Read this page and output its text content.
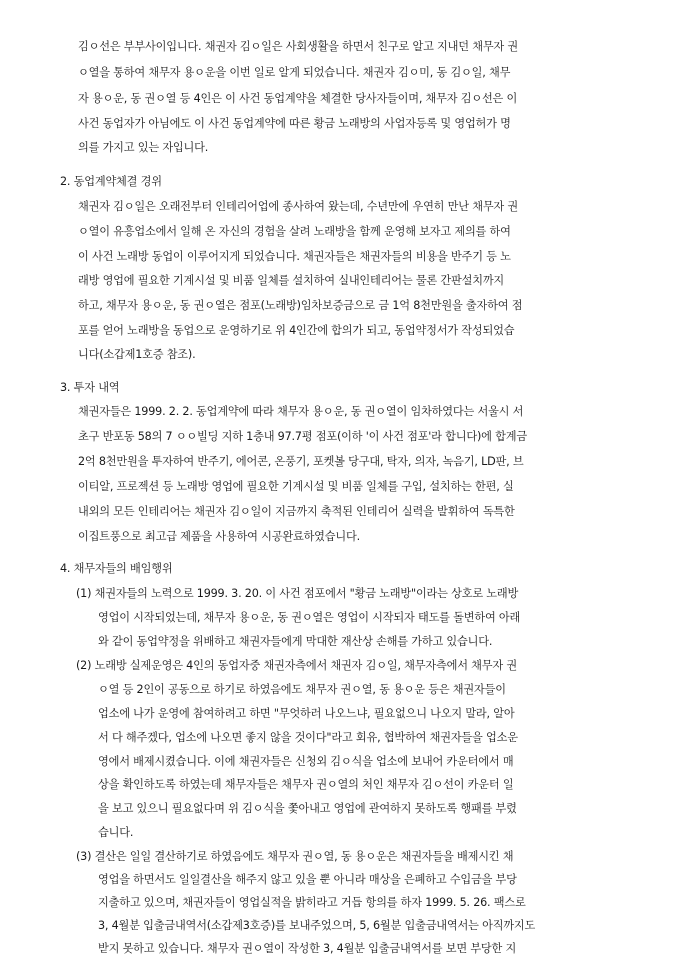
김ㅇ선은 부부사이입니다. 채권자 김ㅇ일은 사회생활을 하면서 친구로 알고 지내던 채무자 권
ㅇ열을 통하여 채무자 용ㅇ운을 이번 일로 알게 되었습니다. 채권자 김ㅇ미, 동 김ㅇ일, 채무
자 용ㅇ운, 동 권ㅇ열 등 4인은 이 사건 동업계약을 체결한 당사자들이며, 채무자 김ㅇ선은 이
사건 동업자가 아님에도 이 사건 동업계약에 따른 황금 노래방의 사업자등록 및 영업허가 명
의를 가지고 있는 자입니다.
2. 동업계약체결 경위
채권자 김ㅇ일은 오래전부터 인테리어업에 종사하여 왔는데, 수년만에 우연히 만난 채무자 권
ㅇ열이 유흥업소에서 일해 온 자신의 경험을 살려 노래방을 함께 운영해 보자고 제의를 하여
이 사건 노래방 동업이 이루어지게 되었습니다. 채권자들은 채권자들의 비용을 반주기 등 노
래방 영업에 필요한 기계시설 및 비품 일체를 설치하여 실내인테리어는 물론 간판설치까지
하고, 채무자 용ㅇ운, 동 권ㅇ열은 점포(노래방)임차보증금으로 금 1억 8천만원을 출자하여 점
포를 얻어 노래방을 동업으로 운영하기로 위 4인간에 합의가 되고, 동업약정서가 작성되었습
니다(소갑제1호증 참조).
3. 투자 내역
채권자들은 1999. 2. 2. 동업계약에 따라 채무자 용ㅇ운, 동 권ㅇ열이 임차하였다는 서울시 서
초구 반포동 58의 7 ㅇㅇ빌딩 지하 1층내 97.7평 점포(이하 '이 사건 점포'라 합니다)에 합계금
2억 8천만원을 투자하여 반주기, 에어콘, 온풍기, 포켓볼 당구대, 탁자, 의자, 녹음기, LD판, 브
이티알, 프로젝션 등 노래방 영업에 필요한 기계시설 및 비품 일체를 구입, 설치하는 한편, 실
내외의 모든 인테리어는 채권자 김ㅇ일이 지금까지 축적된 인테리어 실력을 발휘하여 독특한
이집트풍으로 최고급 제품을 사용하여 시공완료하였습니다.
4. 채무자들의 배임행위
(1) 채권자들의 노력으로 1999. 3. 20. 이 사건 점포에서 "황금 노래방"이라는 상호로 노래방
영업이 시작되었는데, 채무자 용ㅇ운, 동 권ㅇ열은 영업이 시작되자 태도를 돌변하여 아래
와 같이 동업약정을 위배하고 채권자들에게 막대한 재산상 손해를 가하고 있습니다.
(2) 노래방 실제운영은 4인의 동업자중 채권자측에서 채권자 김ㅇ일, 채무자측에서 채무자 권
ㅇ열 등 2인이 공동으로 하기로 하였음에도 채무자 권ㅇ열, 동 용ㅇ운 등은 채권자들이
업소에 나가 운영에 참여하려고 하면 "무엇하러 나오느냐, 필요없으니 나오지 말라, 알아
서 다 해주겠다, 업소에 나오면 좋지 않을 것이다"라고 회유, 협박하여 채권자들을 업소운
영에서 배제시켰습니다. 이에 채권자들은 신청외 김ㅇ식을 업소에 보내어 카운터에서 매
상을 확인하도록 하였는데 채무자들은 채무자 권ㅇ열의 처인 채무자 김ㅇ선이 카운터 일
을 보고 있으니 필요없다며 위 김ㅇ식을 쫓아내고 영업에 관여하지 못하도록 행패를 부렸
습니다.
(3) 결산은 일일 결산하기로 하였음에도 채무자 권ㅇ열, 동 용ㅇ운은 채권자들을 배제시킨 채
영업을 하면서도 일일결산을 해주지 않고 있을 뿐 아니라 매상을 은폐하고 수입금을 부당
지출하고 있으며, 채권자들이 영업실적을 밝히라고 거듭 항의를 하자 1999. 5. 26. 팩스로
3, 4월분 입출금내역서(소갑제3호증)를 보내주었으며, 5, 6월분 입출금내역서는 아직까지도
받지 못하고 있습니다. 채무자 권ㅇ열이 작성한 3, 4월분 입출금내역서를 보면 부당한 지
